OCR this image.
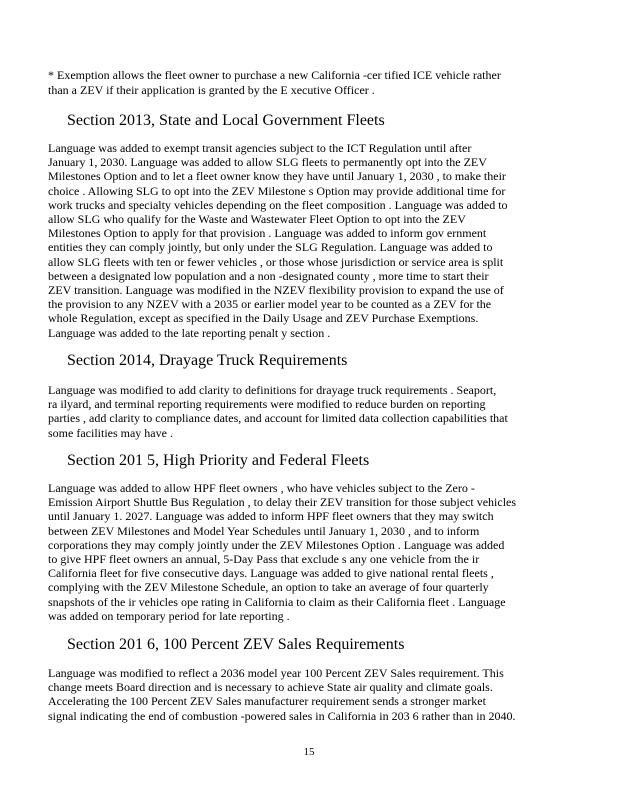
* Exemption allows the fleet owner to purchase a new California -cer tified ICE vehicle rather
than a ZEV if their application is granted by the E xecutive Officer .
Section 2013, State and Local Government Fleets
Language was added to exempt transit agencies subject to the ICT Regulation until after
January 1, 2030. Language was added to allow SLG fleets to permanently opt into the ZEV
Milestones Option and to let a fleet owner know they have until January 1, 2030 , to make their
choice . Allowing SLG to opt into the ZEV Milestone s Option may provide additional time for
work trucks and specialty vehicles depending on the fleet composition . Language was added to
allow SLG who qualify for the Waste and Wastewater Fleet Option to opt into the ZEV
Milestones Option to apply for that provision . Language was added to inform gov ernment
entities they can comply jointly, but only under the SLG Regulation. Language was added to
allow SLG fleets with ten or fewer vehicles , or those whose jurisdiction or service area is split
between a designated low population and a non -designated county , more time to start their
ZEV transition. Language was modified in the NZEV flexibility provision to expand the use of
the provision to any NZEV with a 2035 or earlier model year to be counted as a ZEV for the
whole Regulation, except as specified in the Daily Usage and ZEV Purchase Exemptions.
Language was added to the late reporting penalt y section .
Section 2014, Drayage Truck Requirements
Language was modified to add clarity to definitions for drayage truck requirements . Seaport,
ra ilyard, and terminal reporting requirements were modified to reduce burden on reporting
parties , add clarity to compliance dates, and account for limited data collection capabilities that
some facilities may have .
Section 201 5, High Priority and Federal Fleets
Language was added to allow HPF fleet owners , who have vehicles subject to the Zero -
Emission Airport Shuttle Bus Regulation , to delay their ZEV transition for those subject vehicles
until January 1. 2027. Language was added to inform HPF fleet owners that they may switch
between ZEV Milestones and Model Year Schedules until January 1, 2030 , and to inform
corporations they may comply jointly under the ZEV Milestones Option . Language was added
to give HPF fleet owners an annual, 5-Day Pass that exclude s any one vehicle from the ir
California fleet for five consecutive days. Language was added to give national rental fleets ,
complying with the ZEV Milestone Schedule, an option to take an average of four quarterly
snapshots of the ir vehicles ope rating in California to claim as their California fleet . Language
was added on temporary period for late reporting .
Section 201 6, 100 Percent ZEV Sales Requirements
Language was modified to reflect a 2036 model year 100 Percent ZEV Sales requirement. This
change meets Board direction and is necessary to achieve State air quality and climate goals.
Accelerating the 100 Percent ZEV Sales manufacturer requirement sends a stronger market
signal indicating the end of combustion -powered sales in California in 203 6 rather than in 2040.
15
